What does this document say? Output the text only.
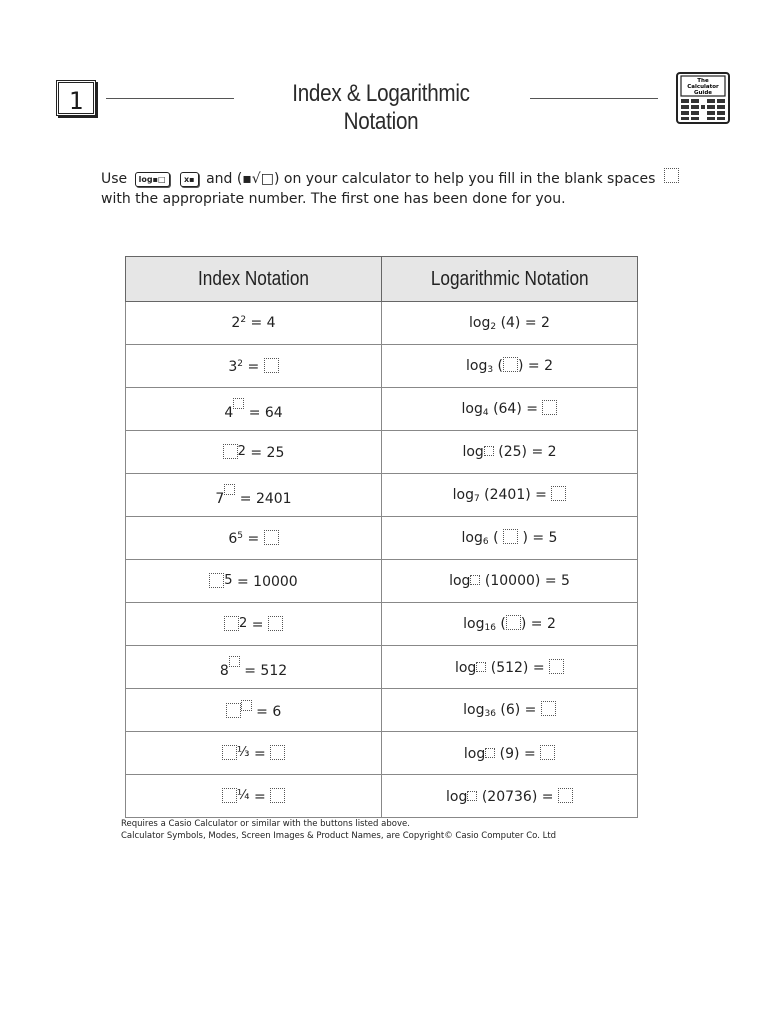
1	Index & Logarithmic Notation
The
Calculator
Guide
Use log▪□ x▪ and (▪√□) on your calculator to help you fill in the blank spaces
with the appropriate number. The first one has been done for you.
Index Notation	Logarithmic Notation
$2^2 = 4$	$\log_2 (4) = 2$
$3^2$ =	$\log_3$ ( ) = 2
4 = 64	$\log_4 (64)$ =
$^2$ = 25	log (25) = 2
7 = 2401	$\log_7 (2401)$ =
$6^5$ =	$\log_6$ ( ) = 5
$^5$ = 10000	log (10000) = 5
$^2$ =	$\log_{16}$ ( ) = 2
8 = 512	log (512) =
= 6	$\log_{36} (6)$ =
$^{\frac{1}{3}}$ =	log (9) =
$^{\frac{1}{4}}$ =	log (20736) =
Requires a Casio Calculator or similar with the buttons listed above.
Calculator Symbols, Modes, Screen Images & Product Names, are Copyright© Casio Computer Co. Ltd
